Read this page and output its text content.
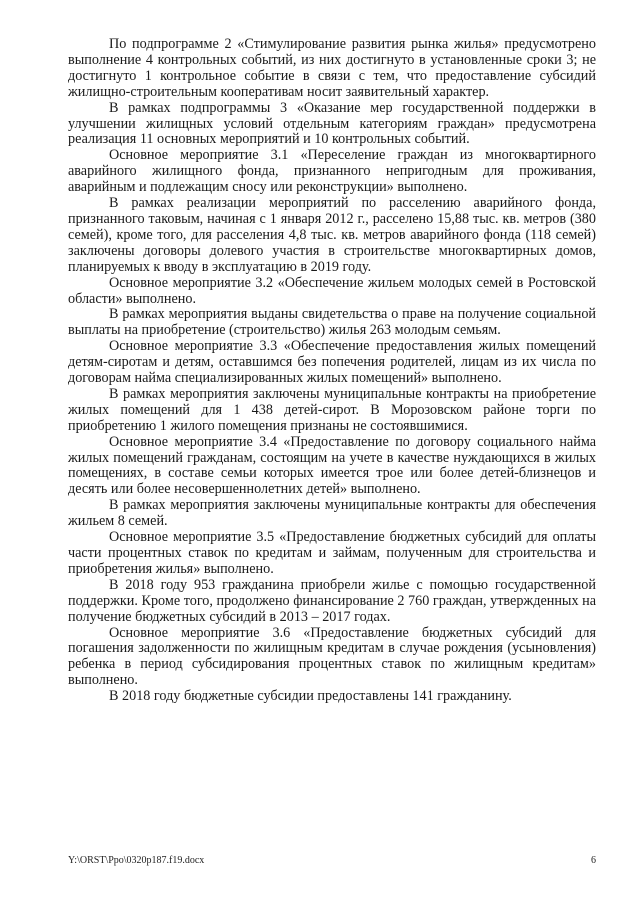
По подпрограмме 2 «Стимулирование развития рынка жилья» предусмотрено выполнение 4 контрольных событий, из них достигнуто в установленные сроки 3; не достигнуто 1 контрольное событие в связи с тем, что предоставление субсидий жилищно-строительным кооперативам носит заявительный характер.

В рамках подпрограммы 3 «Оказание мер государственной поддержки в улучшении жилищных условий отдельным категориям граждан» предусмотрена реализация 11 основных мероприятий и 10 контрольных событий.

Основное мероприятие 3.1 «Переселение граждан из многоквартирного аварийного жилищного фонда, признанного непригодным для проживания, аварийным и подлежащим сносу или реконструкции» выполнено.

В рамках реализации мероприятий по расселению аварийного фонда, признанного таковым, начиная с 1 января 2012 г., расселено 15,88 тыс. кв. метров (380 семей), кроме того, для расселения 4,8 тыс. кв. метров аварийного фонда (118 семей) заключены договоры долевого участия в строительстве многоквартирных домов, планируемых к вводу в эксплуатацию в 2019 году.

Основное мероприятие 3.2 «Обеспечение жильем молодых семей в Ростовской области» выполнено.

В рамках мероприятия выданы свидетельства о праве на получение социальной выплаты на приобретение (строительство) жилья 263 молодым семьям.

Основное мероприятие 3.3 «Обеспечение предоставления жилых помещений детям-сиротам и детям, оставшимся без попечения родителей, лицам из их числа по договорам найма специализированных жилых помещений» выполнено.

В рамках мероприятия заключены муниципальные контракты на приобретение жилых помещений для 1 438 детей-сирот. В Морозовском районе торги по приобретению 1 жилого помещения признаны не состоявшимися.

Основное мероприятие 3.4 «Предоставление по договору социального найма жилых помещений гражданам, состоящим на учете в качестве нуждающихся в жилых помещениях, в составе семьи которых имеется трое или более детей-близнецов и десять или более несовершеннолетних детей» выполнено.

В рамках мероприятия заключены муниципальные контракты для обеспечения жильем 8 семей.

Основное мероприятие 3.5 «Предоставление бюджетных субсидий для оплаты части процентных ставок по кредитам и займам, полученным для строительства и приобретения жилья» выполнено.

В 2018 году 953 гражданина приобрели жилье с помощью государственной поддержки. Кроме того, продолжено финансирование 2 760 граждан, утвержденных на получение бюджетных субсидий в 2013 – 2017 годах.

Основное мероприятие 3.6 «Предоставление бюджетных субсидий для погашения задолженности по жилищным кредитам в случае рождения (усыновления) ребенка в период субсидирования процентных ставок по жилищным кредитам» выполнено.

В 2018 году бюджетные субсидии предоставлены 141 гражданину.

Y:\ORST\Ppo\0320p187.f19.docx	6
